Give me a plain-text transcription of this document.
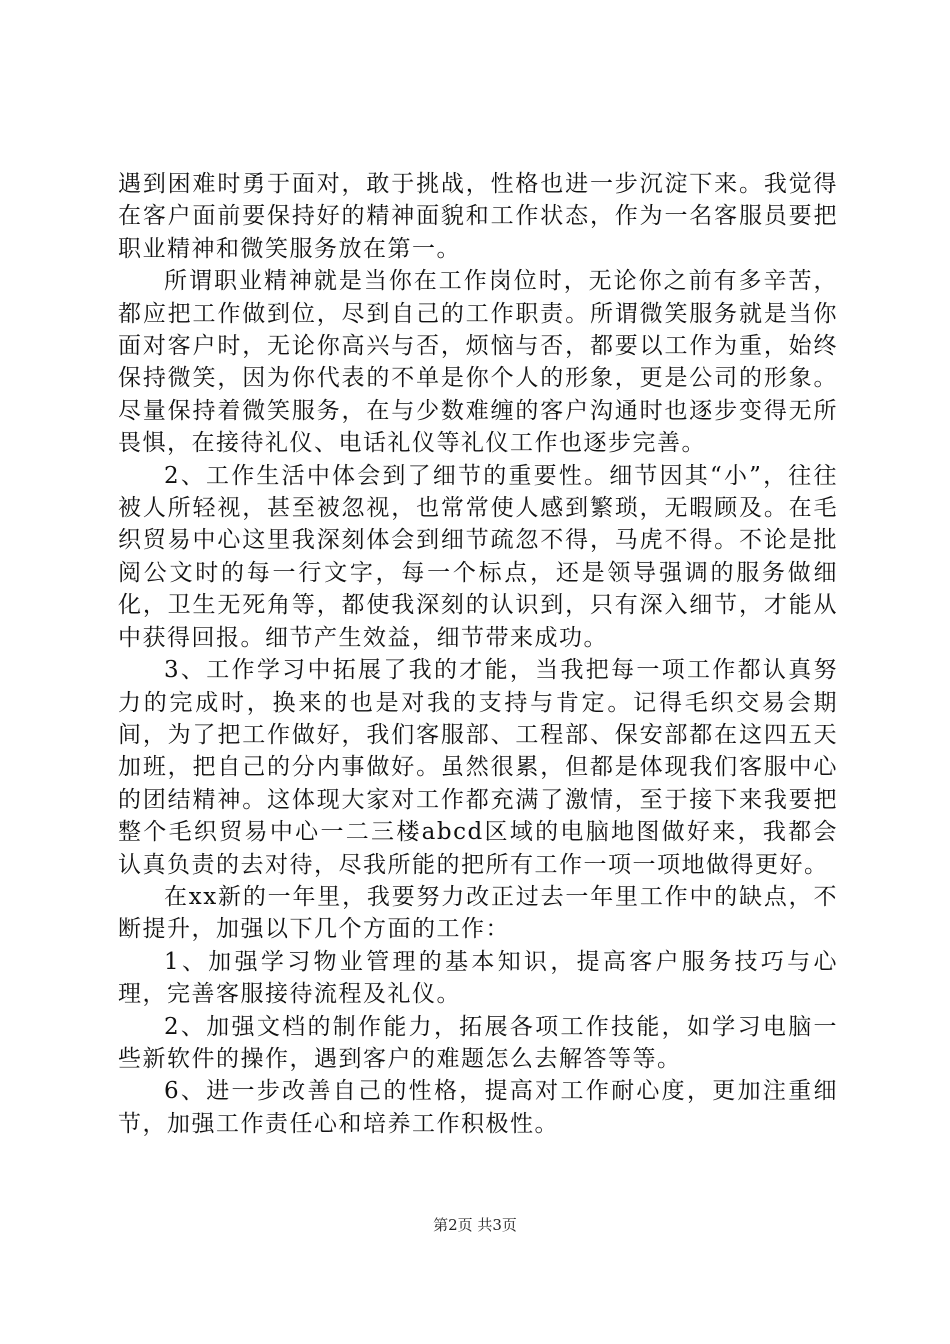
遇到困难时勇于面对，敢于挑战，性格也进一步沉淀下来。我觉得在客户面前要保持好的精神面貌和工作状态，作为一名客服员要把职业精神和微笑服务放在第一。

所谓职业精神就是当你在工作岗位时，无论你之前有多辛苦，都应把工作做到位，尽到自己的工作职责。所谓微笑服务就是当你面对客户时，无论你高兴与否，烦恼与否，都要以工作为重，始终保持微笑，因为你代表的不单是你个人的形象，更是公司的形象。尽量保持着微笑服务，在与少数难缠的客户沟通时也逐步变得无所畏惧，在接待礼仪、电话礼仪等礼仪工作也逐步完善。

2、工作生活中体会到了细节的重要性。细节因其“小”，往往被人所轻视，甚至被忽视，也常常使人感到繁琐，无暇顾及。在毛织贸易中心这里我深刻体会到细节疏忽不得，马虎不得。不论是批阅公文时的每一行文字，每一个标点，还是领导强调的服务做细化，卫生无死角等，都使我深刻的认识到，只有深入细节，才能从中获得回报。细节产生效益，细节带来成功。

3、工作学习中拓展了我的才能，当我把每一项工作都认真努力的完成时，换来的也是对我的支持与肯定。记得毛织交易会期间，为了把工作做好，我们客服部、工程部、保安部都在这四五天加班，把自己的分内事做好。虽然很累，但都是体现我们客服中心的团结精神。这体现大家对工作都充满了激情，至于接下来我要把整个毛织贸易中心一二三楼abcd区域的电脑地图做好来，我都会认真负责的去对待，尽我所能的把所有工作一项一项地做得更好。

在xx新的一年里，我要努力改正过去一年里工作中的缺点，不断提升，加强以下几个方面的工作：

1、加强学习物业管理的基本知识，提高客户服务技巧与心理，完善客服接待流程及礼仪。

2、加强文档的制作能力，拓展各项工作技能，如学习电脑一些新软件的操作，遇到客户的难题怎么去解答等等。

6、进一步改善自己的性格，提高对工作耐心度，更加注重细节，加强工作责任心和培养工作积极性。

第2页 共3页
